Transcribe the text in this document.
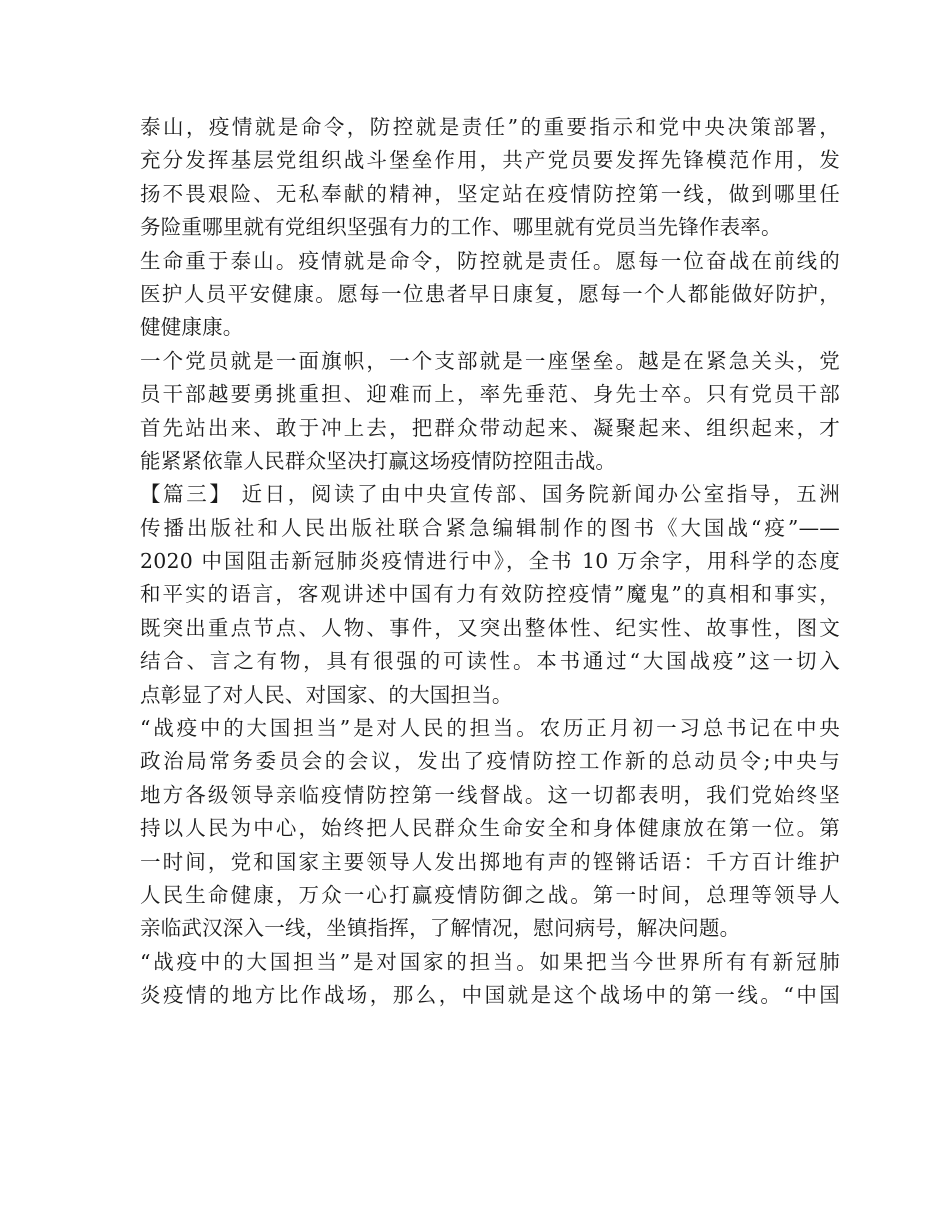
泰山，疫情就是命令，防控就是责任”的重要指示和党中央决策部署，
充分发挥基层党组织战斗堡垒作用，共产党员要发挥先锋模范作用，发
扬不畏艰险、无私奉献的精神，坚定站在疫情防控第一线，做到哪里任
务险重哪里就有党组织坚强有力的工作、哪里就有党员当先锋作表率。
生命重于泰山。疫情就是命令，防控就是责任。愿每一位奋战在前线的
医护人员平安健康。愿每一位患者早日康复，愿每一个人都能做好防护，
健健康康。
一个党员就是一面旗帜，一个支部就是一座堡垒。越是在紧急关头，党
员干部越要勇挑重担、迎难而上，率先垂范、身先士卒。只有党员干部
首先站出来、敢于冲上去，把群众带动起来、凝聚起来、组织起来，才
能紧紧依靠人民群众坚决打赢这场疫情防控阻击战。
【篇三】 近日，阅读了由中央宣传部、国务院新闻办公室指导，五洲
传播出版社和人民出版社联合紧急编辑制作的图书《大国战“疫”——
2020 中国阻击新冠肺炎疫情进行中》，全书 10 万余字，用科学的态度
和平实的语言，客观讲述中国有力有效防控疫情”魔鬼”的真相和事实，
既突出重点节点、人物、事件，又突出整体性、纪实性、故事性，图文
结合、言之有物，具有很强的可读性。本书通过“大国战疫”这一切入
点彰显了对人民、对国家、的大国担当。
“战疫中的大国担当”是对人民的担当。农历正月初一习总书记在中央
政治局常务委员会的会议，发出了疫情防控工作新的总动员令;中央与
地方各级领导亲临疫情防控第一线督战。这一切都表明，我们党始终坚
持以人民为中心，始终把人民群众生命安全和身体健康放在第一位。第
一时间，党和国家主要领导人发出掷地有声的铿锵话语：千方百计维护
人民生命健康，万众一心打赢疫情防御之战。第一时间，总理等领导人
亲临武汉深入一线，坐镇指挥，了解情况，慰问病号，解决问题。
“战疫中的大国担当”是对国家的担当。如果把当今世界所有有新冠肺
炎疫情的地方比作战场，那么，中国就是这个战场中的第一线。“中国
